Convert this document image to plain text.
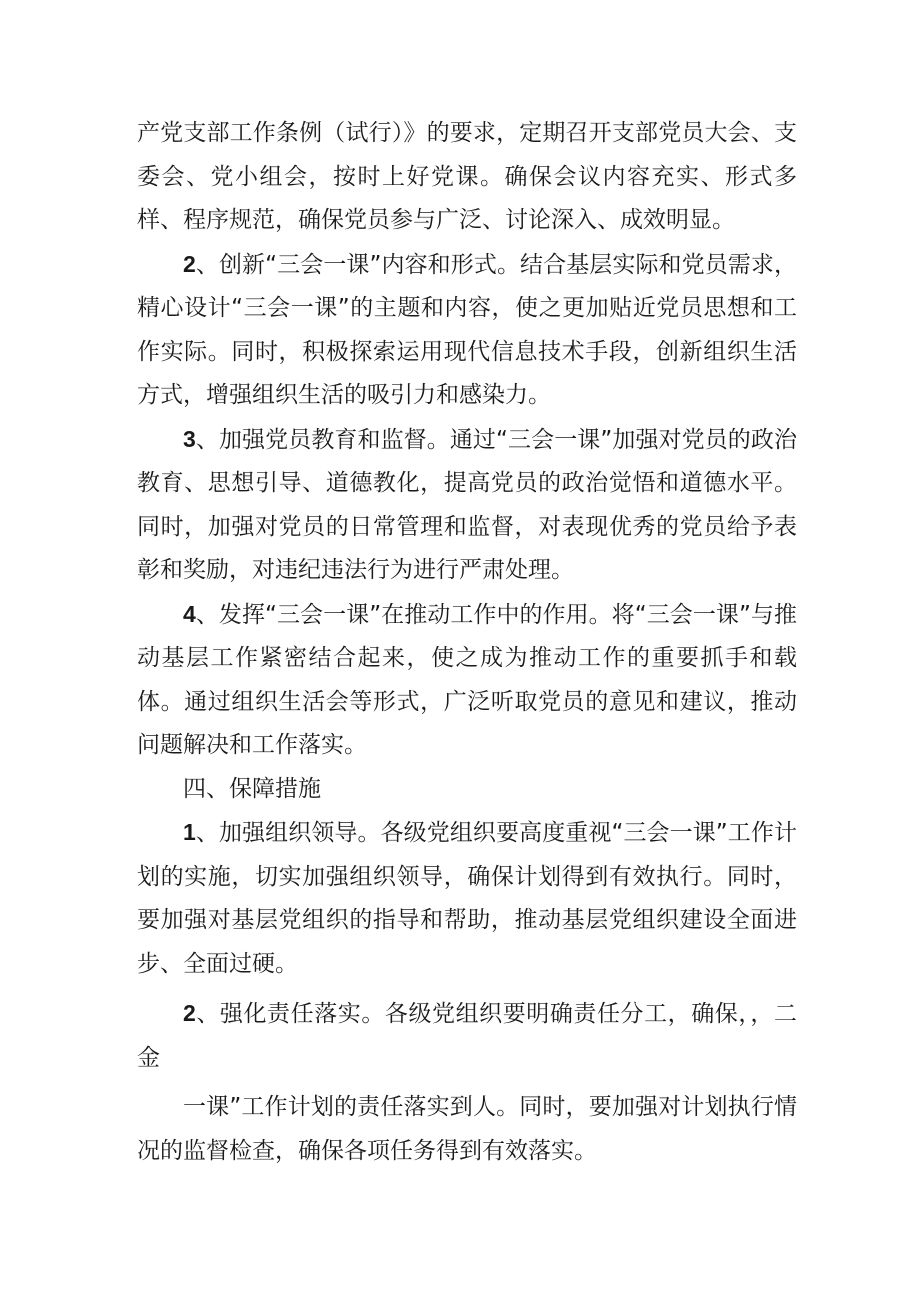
产党支部工作条例（试行）》的要求，定期召开支部党员大会、支委会、党小组会，按时上好党课。确保会议内容充实、形式多样、程序规范，确保党员参与广泛、讨论深入、成效明显。

2、创新“三会一课”内容和形式。结合基层实际和党员需求，精心设计“三会一课”的主题和内容，使之更加贴近党员思想和工作实际。同时，积极探索运用现代信息技术手段，创新组织生活方式，增强组织生活的吸引力和感染力。

3、加强党员教育和监督。通过“三会一课”加强对党员的政治教育、思想引导、道德教化，提高党员的政治觉悟和道德水平。同时，加强对党员的日常管理和监督，对表现优秀的党员给予表彰和奖励，对违纪违法行为进行严肃处理。

4、发挥“三会一课”在推动工作中的作用。将“三会一课”与推动基层工作紧密结合起来，使之成为推动工作的重要抓手和载体。通过组织生活会等形式，广泛听取党员的意见和建议，推动问题解决和工作落实。

四、保障措施

1、加强组织领导。各级党组织要高度重视“三会一课”工作计划的实施，切实加强组织领导，确保计划得到有效执行。同时，要加强对基层党组织的指导和帮助，推动基层党组织建设全面进步、全面过硬。

2、强化责任落实。各级党组织要明确责任分工，确保，，二金

一课”工作计划的责任落实到人。同时，要加强对计划执行情况的监督检查，确保各项任务得到有效落实。
